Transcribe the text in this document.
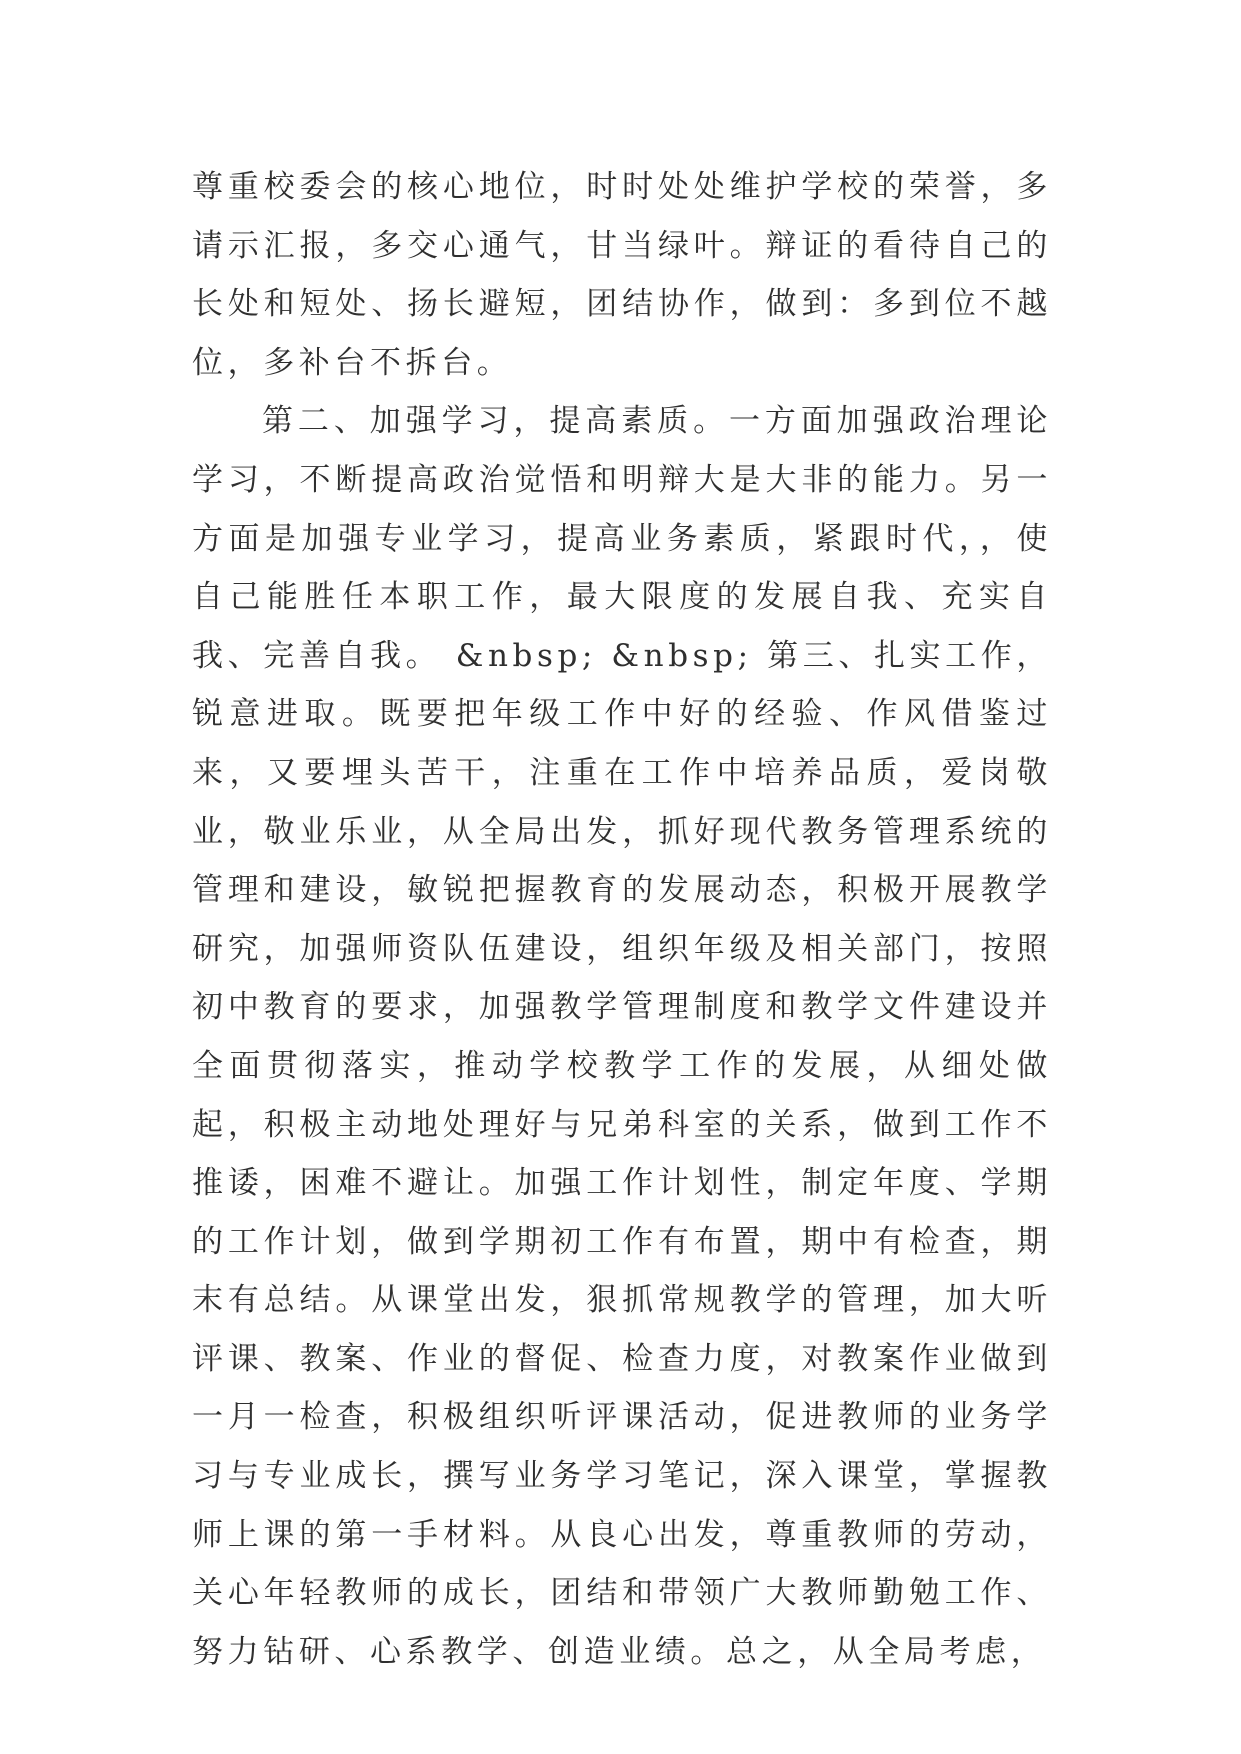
尊重校委会的核心地位，时时处处维护学校的荣誉，多请示汇报，多交心通气，甘当绿叶。辩证的看待自己的长处和短处、扬长避短，团结协作，做到：多到位不越位，多补台不拆台。

第二、加强学习，提高素质。一方面加强政治理论学习，不断提高政治觉悟和明辩大是大非的能力。另一方面是加强专业学习，提高业务素质，紧跟时代，，使自己能胜任本职工作，最大限度的发展自我、充实自我、完善自我。 &nbsp; &nbsp; 第三、扎实工作，锐意进取。既要把年级工作中好的经验、作风借鉴过来，又要埋头苦干，注重在工作中培养品质，爱岗敬业，敬业乐业，从全局出发，抓好现代教务管理系统的管理和建设，敏锐把握教育的发展动态，积极开展教学研究，加强师资队伍建设，组织年级及相关部门，按照初中教育的要求，加强教学管理制度和教学文件建设并全面贯彻落实，推动学校教学工作的发展，从细处做起，积极主动地处理好与兄弟科室的关系，做到工作不推诿，困难不避让。加强工作计划性，制定年度、学期的工作计划，做到学期初工作有布置，期中有检查，期末有总结。从课堂出发，狠抓常规教学的管理，加大听评课、教案、作业的督促、检查力度，对教案作业做到一月一检查，积极组织听评课活动，促进教师的业务学习与专业成长，撰写业务学习笔记，深入课堂，掌握教师上课的第一手材料。从良心出发，尊重教师的劳动，关心年轻教师的成长，团结和带领广大教师勤勉工作、努力钻研、心系教学、创造业绩。总之，从全局考虑，
